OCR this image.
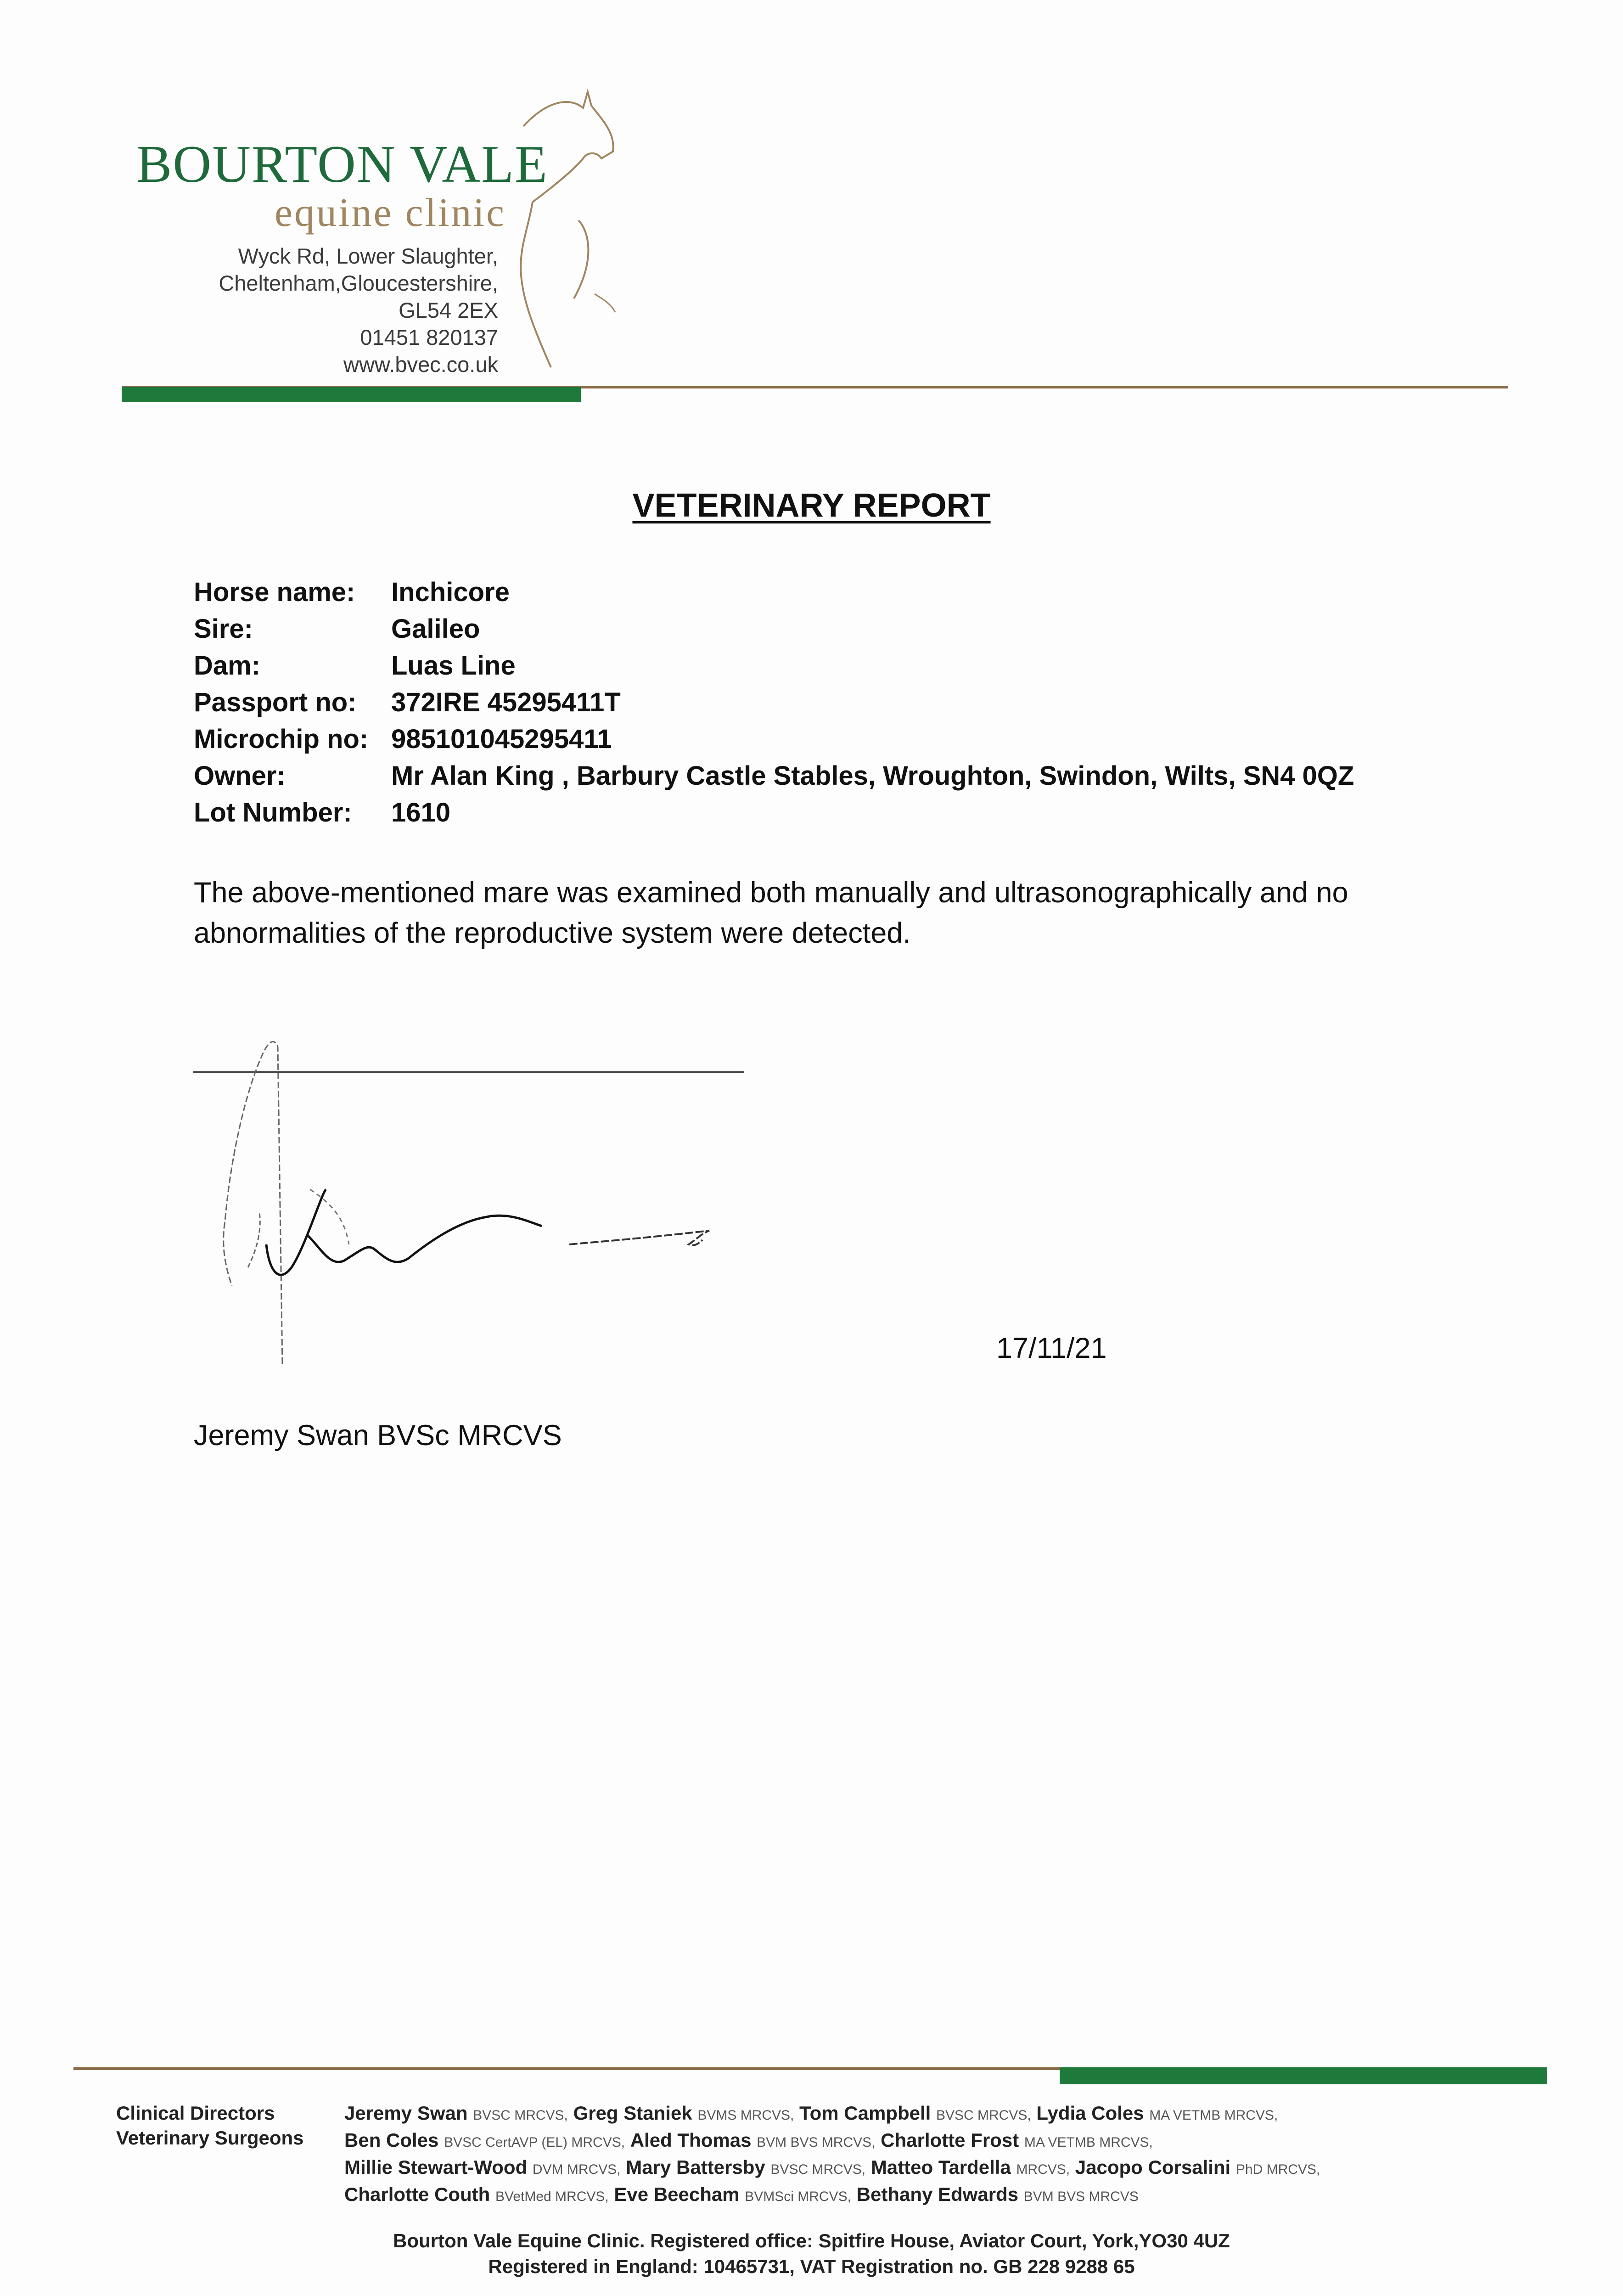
BOURTON VALE
equine clinic
Wyck Rd, Lower Slaughter,
Cheltenham,Gloucestershire,
GL54 2EX
01451 820137
www.bvec.co.uk
VETERINARY REPORT
Horse name: Inchicore
Sire:	Galileo
Dam:	Luas Line
Passport no: 372IRE 45295411T
Microchip no: 985101045295411
Owner:	Mr Alan King , Barbury Castle Stables, Wroughton, Swindon, Wilts, SN4 0QZ
Lot Number: 1610
The above-mentioned mare was examined both manually and ultrasonographically and no abnormalities of the reproductive system were detected.
17/11/21
Jeremy Swan BVSc MRCVS
Clinical Directors
Veterinary Surgeons
Jeremy Swan BVSC MRCVS, Greg Staniek BVMS MRCVS, Tom Campbell BVSC MRCVS, Lydia Coles MA VETMB MRCVS,
Ben Coles BVSC CertAVP (EL) MRCVS, Aled Thomas BVM BVS MRCVS, Charlotte Frost MA VETMB MRCVS,
Millie Stewart-Wood DVM MRCVS, Mary Battersby BVSC MRCVS, Matteo Tardella MRCVS, Jacopo Corsalini PhD MRCVS,
Charlotte Couth BVetMed MRCVS, Eve Beecham BVMSci MRCVS, Bethany Edwards BVM BVS MRCVS
Bourton Vale Equine Clinic. Registered office: Spitfire House, Aviator Court, York,YO30 4UZ
Registered in England: 10465731, VAT Registration no. GB 228 9288 65
